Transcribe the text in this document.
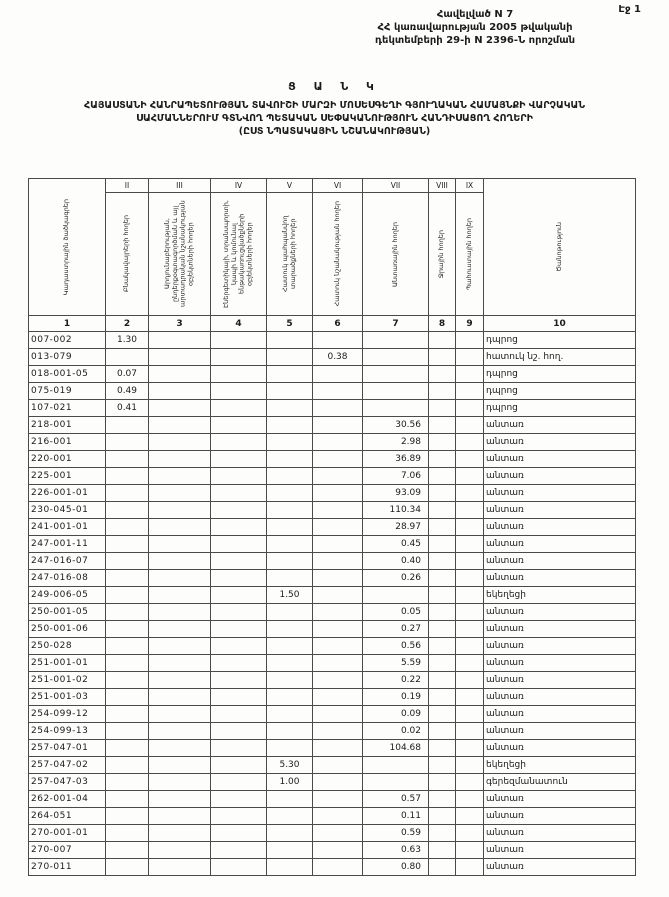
Էջ 1
Հավելված N 7
ՀՀ կառավարության 2005 թվականի
դեկտեմբերի 29-ի N 2396-Ն որոշման
Ց Ա Ն Կ
ՀԱՅԱՍՏԱՆԻ ՀԱՆՐԱՊԵՏՈՒԹՅԱՆ ՏԱՎՈՒՇԻ ՄԱՐԶԻ ՄՈՍԵՍԳԵՂԻ ԳՅՈՒՂԱԿԱՆ ՀԱՄԱՅՆՔԻ ՎԱՐՉԱԿԱՆ
ՍԱՀՄԱՆՆԵՐՈՒՄ ԳՏՆՎՈՂ ՊԵՏԱԿԱՆ ՍԵՓԱԿԱՆՈՒԹՅՈՒՆ ՀԱՆԴԻՍԱՑՈՂ ՀՈՂԵՐԻ
(ԸՍՏ ՆՊԱՏԱԿԱՅԻՆ ՆՇԱՆԱԿՈՒԹՅԱՆ)
Կադաստրային ծածկագրեր	II	III	IV	V	VI	VII	VIII	IX	Ծանոթություն

	Բնակավայրերի հողեր	Արդյունաբերության, ընդերքօգտագործման և այլ արտադրական նշանակության օբյեկտների հողեր	Էներգետիկայի, տրանսպորտի, կապի և կոմունալ ենթակառուցվածքների օբյեկտների հողեր	Հատուկ պահպանվող տարածքների հողեր	Հատուկ նշանակության հողեր	Անտառային հողեր	Ջրային հողեր	Պահուստային հողեր	

1	2	3	4	5	6	7	8	9	10
007-002	1.30								դպրոց
013-079					0.38				հատուկ նշ. հող.
018-001-05	0.07								դպրոց
075-019	0.49								դպրոց
107-021	0.41								դպրոց
218-001						30.56			անտառ
216-001						2.98			անտառ
220-001						36.89			անտառ
225-001						7.06			անտառ
226-001-01						93.09			անտառ
230-045-01						110.34			անտառ
241-001-01						28.97			անտառ
247-001-11						0.45			անտառ
247-016-07						0.40			անտառ
247-016-08						0.26			անտառ
249-006-05				1.50					եկեղեցի
250-001-05						0.05			անտառ
250-001-06						0.27			անտառ
250-028						0.56			անտառ
251-001-01						5.59			անտառ
251-001-02						0.22			անտառ
251-001-03						0.19			անտառ
254-099-12						0.09			անտառ
254-099-13						0.02			անտառ
257-047-01						104.68			անտառ
257-047-02				5.30					եկեղեցի
257-047-03				1.00					գերեզմանատուն
262-001-04						0.57			անտառ
264-051						0.11			անտառ
270-001-01						0.59			անտառ
270-007						0.63			անտառ
270-011						0.80			անտառ
